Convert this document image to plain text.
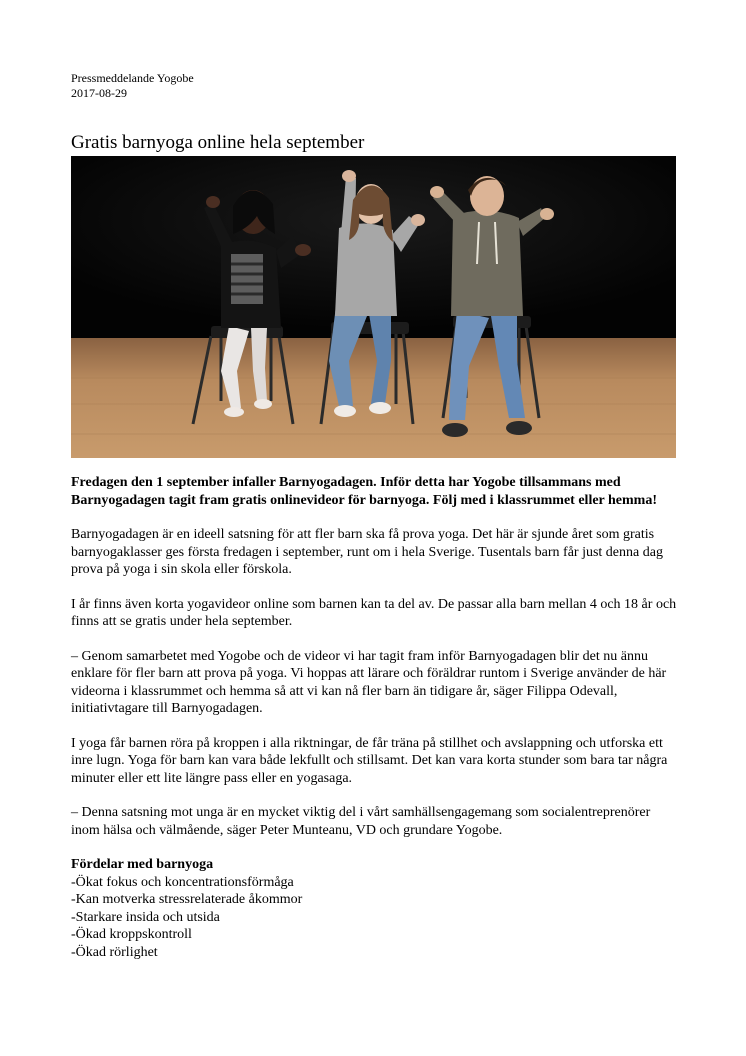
Pressmeddelande Yogobe
2017-08-29
Gratis barnyoga online hela september

Fredagen den 1 september infaller Barnyogadagen. Inför detta har Yogobe tillsammans med Barnyogadagen tagit fram gratis onlinevideor för barnyoga. Följ med i klassrummet eller hemma!

Barnyogadagen är en ideell satsning för att fler barn ska få prova yoga. Det här är sjunde året som gratis barnyogaklasser ges första fredagen i september, runt om i hela Sverige. Tusentals barn får just denna dag prova på yoga i sin skola eller förskola.

I år finns även korta yogavideor online som barnen kan ta del av. De passar alla barn mellan 4 och 18 år och finns att se gratis under hela september.

– Genom samarbetet med Yogobe och de videor vi har tagit fram inför Barnyogadagen blir det nu ännu enklare för fler barn att prova på yoga. Vi hoppas att lärare och föräldrar runtom i Sverige använder de här videorna i klassrummet och hemma så att vi kan nå fler barn än tidigare år, säger Filippa Odevall, initiativtagare till Barnyogadagen.

I yoga får barnen röra på kroppen i alla riktningar, de får träna på stillhet och avslappning och utforska ett inre lugn. Yoga för barn kan vara både lekfullt och stillsamt. Det kan vara korta stunder som bara tar några minuter eller ett lite längre pass eller en yogasaga.

– Denna satsning mot unga är en mycket viktig del i vårt samhällsengagemang som socialentreprenörer inom hälsa och välmående, säger Peter Munteanu, VD och grundare Yogobe.

Fördelar med barnyoga
-Ökat fokus och koncentrationsförmåga
-Kan motverka stressrelaterade åkommor
-Starkare insida och utsida
-Ökad kroppskontroll
-Ökad rörlighet
